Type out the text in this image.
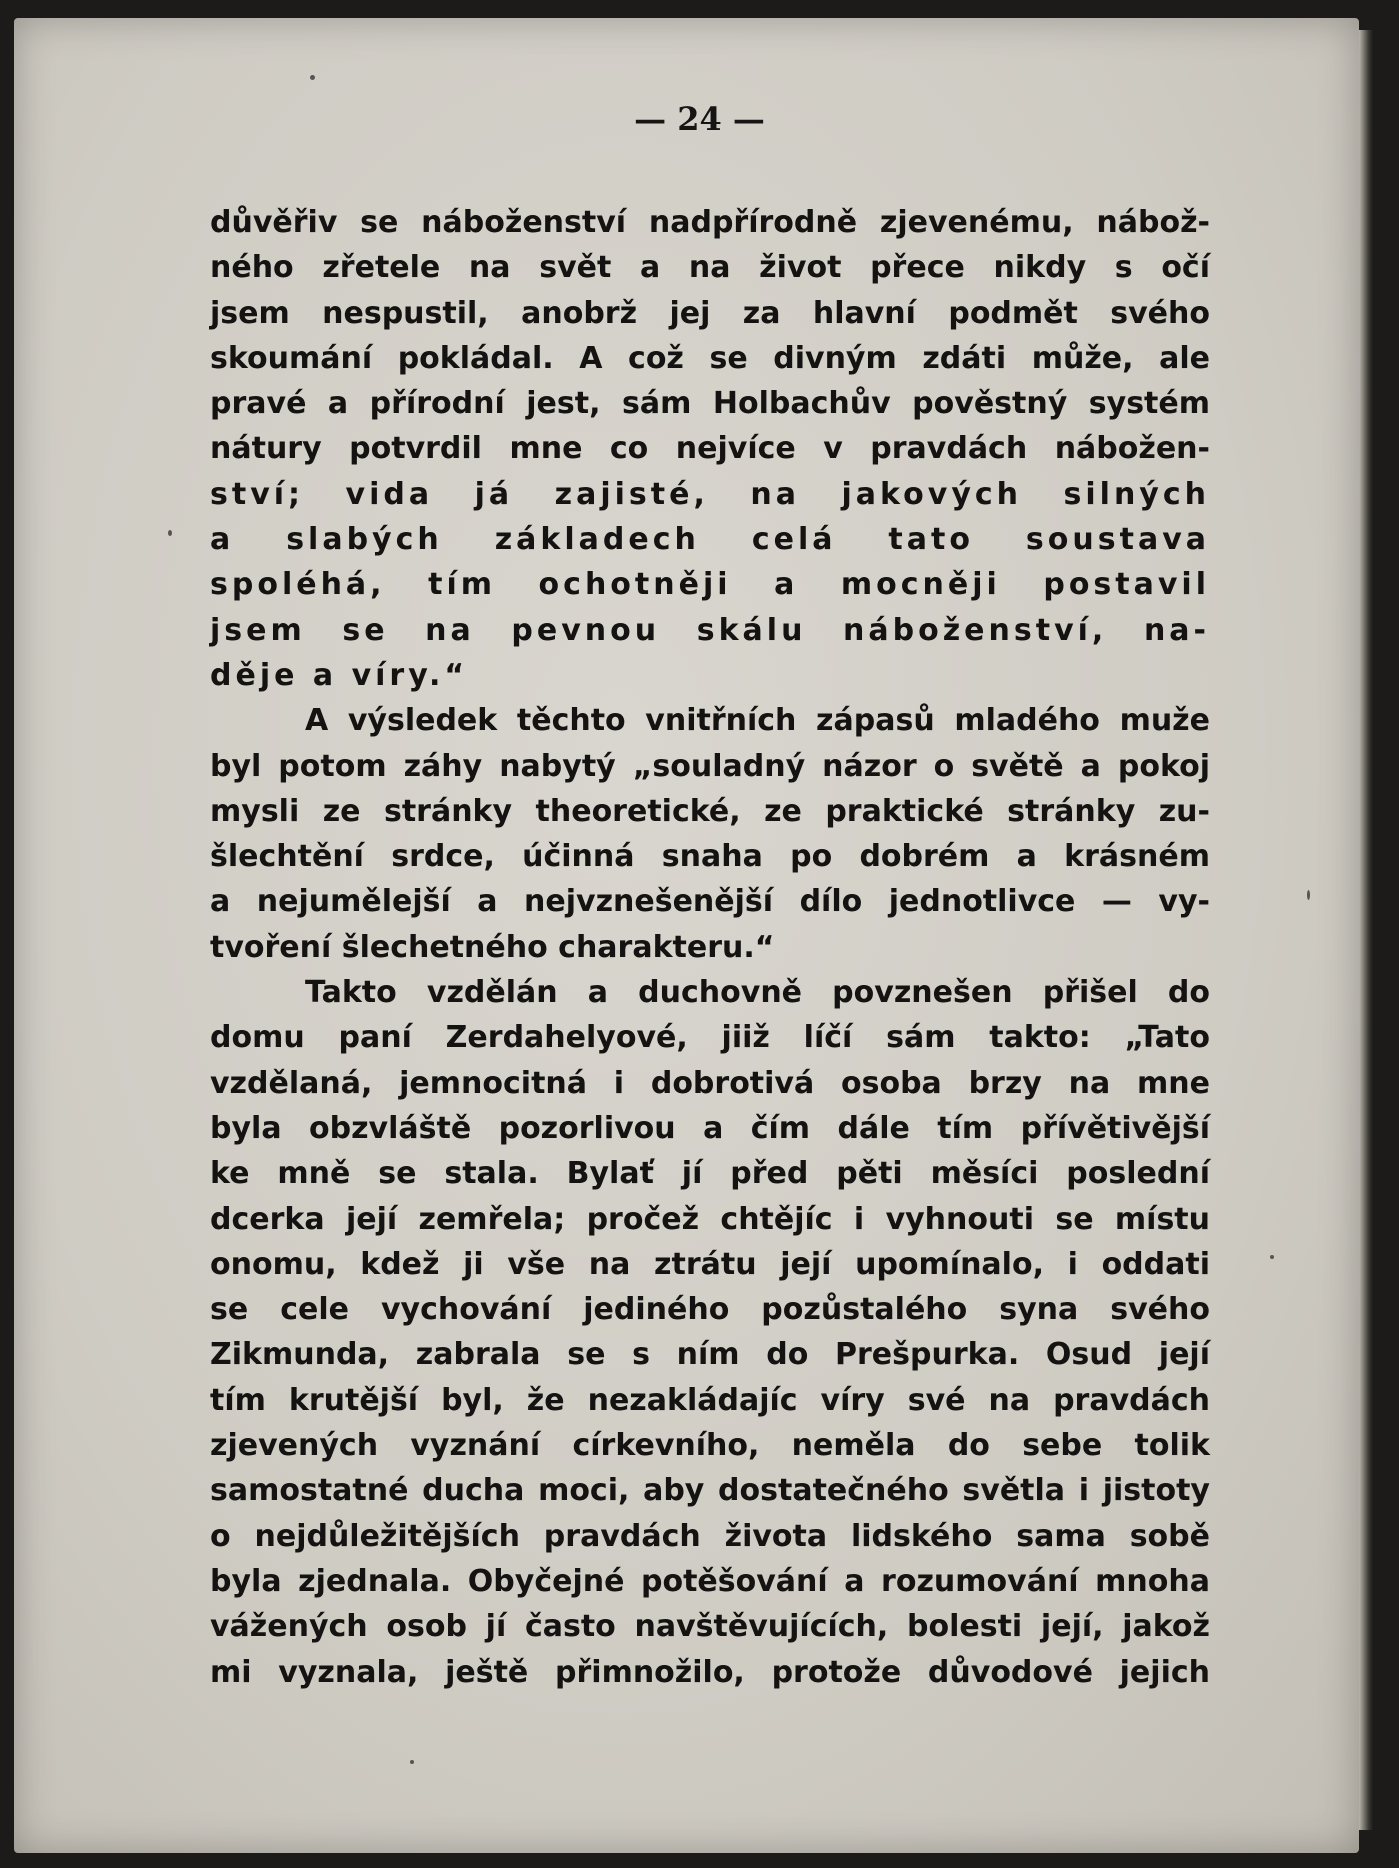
— 24 —
důvěřiv se náboženství nadpřírodně zjevenému, nábož-
ného zřetele na svět a na život přece nikdy s očí
jsem nespustil, anobrž jej za hlavní podmět svého
skoumání pokládal. A což se divným zdáti může, ale
pravé a přírodní jest, sám Holbachův pověstný systém
nátury potvrdil mne co nejvíce v pravdách nábožen-
ství; vida já zajisté, na jakových silných
a slabých základech celá tato soustava
spoléhá, tím ochotněji a mocněji postavil
jsem se na pevnou skálu náboženství, na-
děje a víry.“
A výsledek těchto vnitřních zápasů mladého muže
byl potom záhy nabytý „souladný názor o světě a pokoj
mysli ze stránky theoretické, ze praktické stránky zu-
šlechtění srdce, účinná snaha po dobrém a krásném
a nejumělejší a nejvznešenější dílo jednotlivce — vy-
tvoření šlechetného charakteru.“
Takto vzdělán a duchovně povznešen přišel do
domu paní Zerdahelyové, jiiž líčí sám takto: „Tato
vzdělaná, jemnocitná i dobrotivá osoba brzy na mne
byla obzvláště pozorlivou a čím dále tím přívětivější
ke mně se stala. Bylať jí před pěti měsíci poslední
dcerka její zemřela; pročež chtějíc i vyhnouti se místu
onomu, kdež ji vše na ztrátu její upomínalo, i oddati
se cele vychování jediného pozůstalého syna svého
Zikmunda, zabrala se s ním do Prešpurka. Osud její
tím krutější byl, že nezakládajíc víry své na pravdách
zjevených vyznání církevního, neměla do sebe tolik
samostatné ducha moci, aby dostatečného světla i jistoty
o nejdůležitějších pravdách života lidského sama sobě
byla zjednala. Obyčejné potěšování a rozumování mnoha
vážených osob jí často navštěvujících, bolesti její, jakož
mi vyznala, ještě přimnožilo, protože důvodové jejich
